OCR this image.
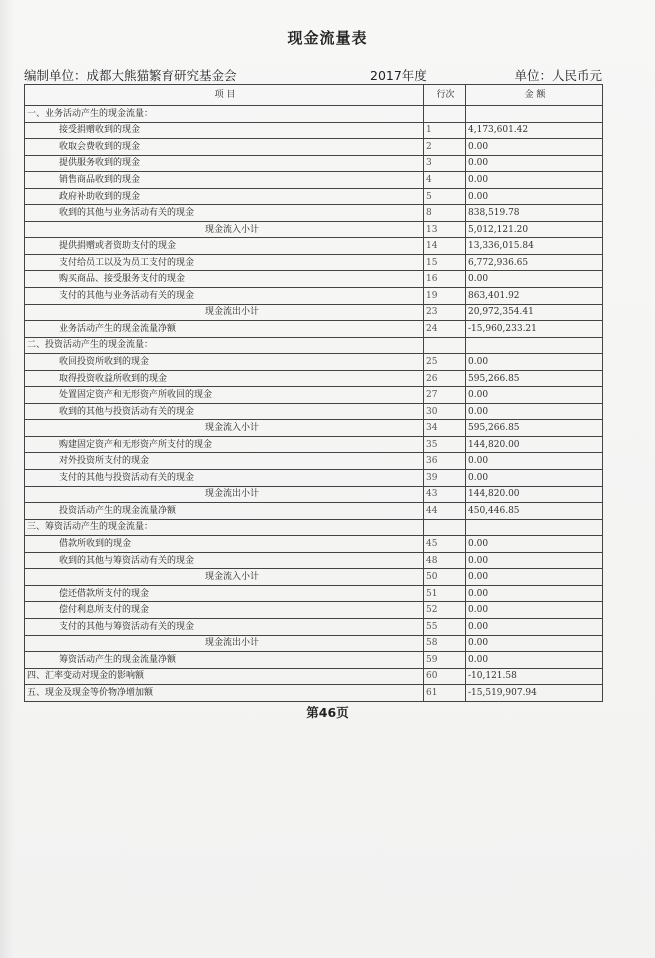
现金流量表
编制单位：成都大熊猫繁育研究基金会	2017年度	单位：人民币元
项 目	行次	金 额
一、业务活动产生的现金流量：		
接受捐赠收到的现金	1	4,173,601.42
收取会费收到的现金	2	0.00
提供服务收到的现金	3	0.00
销售商品收到的现金	4	0.00
政府补助收到的现金	5	0.00
收到的其他与业务活动有关的现金	8	838,519.78
现金流入小计	13	5,012,121.20
提供捐赠或者资助支付的现金	14	13,336,015.84
支付给员工以及为员工支付的现金	15	6,772,936.65
购买商品、接受服务支付的现金	16	0.00
支付的其他与业务活动有关的现金	19	863,401.92
现金流出小计	23	20,972,354.41
业务活动产生的现金流量净额	24	-15,960,233.21
二、投资活动产生的现金流量：		
收回投资所收到的现金	25	0.00
取得投资收益所收到的现金	26	595,266.85
处置固定资产和无形资产所收回的现金	27	0.00
收到的其他与投资活动有关的现金	30	0.00
现金流入小计	34	595,266.85
购建固定资产和无形资产所支付的现金	35	144,820.00
对外投资所支付的现金	36	0.00
支付的其他与投资活动有关的现金	39	0.00
现金流出小计	43	144,820.00
投资活动产生的现金流量净额	44	450,446.85
三、筹资活动产生的现金流量：		
借款所收到的现金	45	0.00
收到的其他与筹资活动有关的现金	48	0.00
现金流入小计	50	0.00
偿还借款所支付的现金	51	0.00
偿付利息所支付的现金	52	0.00
支付的其他与筹资活动有关的现金	55	0.00
现金流出小计	58	0.00
筹资活动产生的现金流量净额	59	0.00
四、汇率变动对现金的影响额	60	-10,121.58
五、现金及现金等价物净增加额	61	-15,519,907.94
第46页
